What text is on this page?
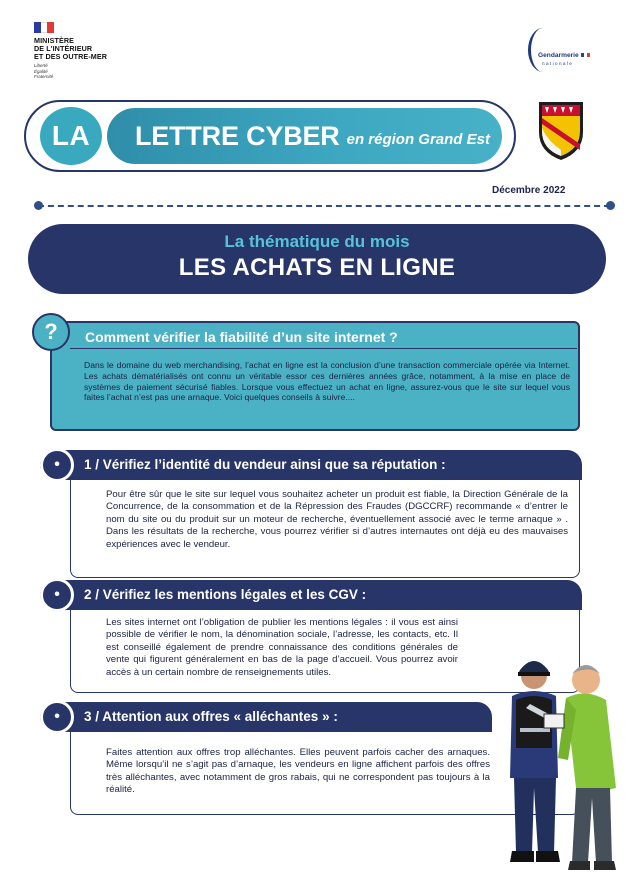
MINISTÈRE
DE L'INTÉRIEUR
ET DES OUTRE-MER
Liberté
Égalité
Fraternité
Gendarmerie
nationale
LA LETTRE CYBER en région Grand Est
Décembre 2022
La thématique du mois
LES ACHATS EN LIGNE
? Comment vérifier la fiabilité d’un site internet ?
Dans le domaine du web merchandising, l’achat en ligne est la conclusion d’une transaction commerciale opérée via Internet. Les achats dématérialisés ont connu un véritable essor ces dernières années grâce, notamment, à la mise en place de systèmes de paiement sécurisé fiables. Lorsque vous effectuez un achat en ligne, assurez-vous que le site sur lequel vous faites l’achat n’est pas une arnaque. Voici quelques conseils à suivre....
1 / Vérifiez l’identité du vendeur ainsi que sa réputation :
•
Pour être sûr que le site sur lequel vous souhaitez acheter un produit est fiable, la Direction Générale de la Concurrence, de la consommation et de la Répression des Fraudes (DGCCRF) recommande « d’entrer le nom du site ou du produit sur un moteur de recherche, éventuellement associé avec le terme arnaque » . Dans les résultats de la recherche, vous pourrez vérifier si d’autres internautes ont déjà eu des mauvaises expériences avec le vendeur.
2 / Vérifiez les mentions légales et les CGV :
•
Les sites internet ont l’obligation de publier les mentions légales : il vous est ainsi possible de vérifier le nom, la dénomination sociale, l’adresse, les contacts, etc. Il est conseillé également de prendre connaissance des conditions générales de vente qui figurent généralement en bas de la page d’accueil. Vous pourrez avoir accès à un certain nombre de renseignements utiles.
3 / Attention aux offres « alléchantes » :
•
Faites attention aux offres trop alléchantes. Elles peuvent parfois cacher des arnaques. Même lorsqu’il ne s’agit pas d’arnaque, les vendeurs en ligne affichent parfois des offres très alléchantes, avec notamment de gros rabais, qui ne correspondent pas toujours à la réalité.
